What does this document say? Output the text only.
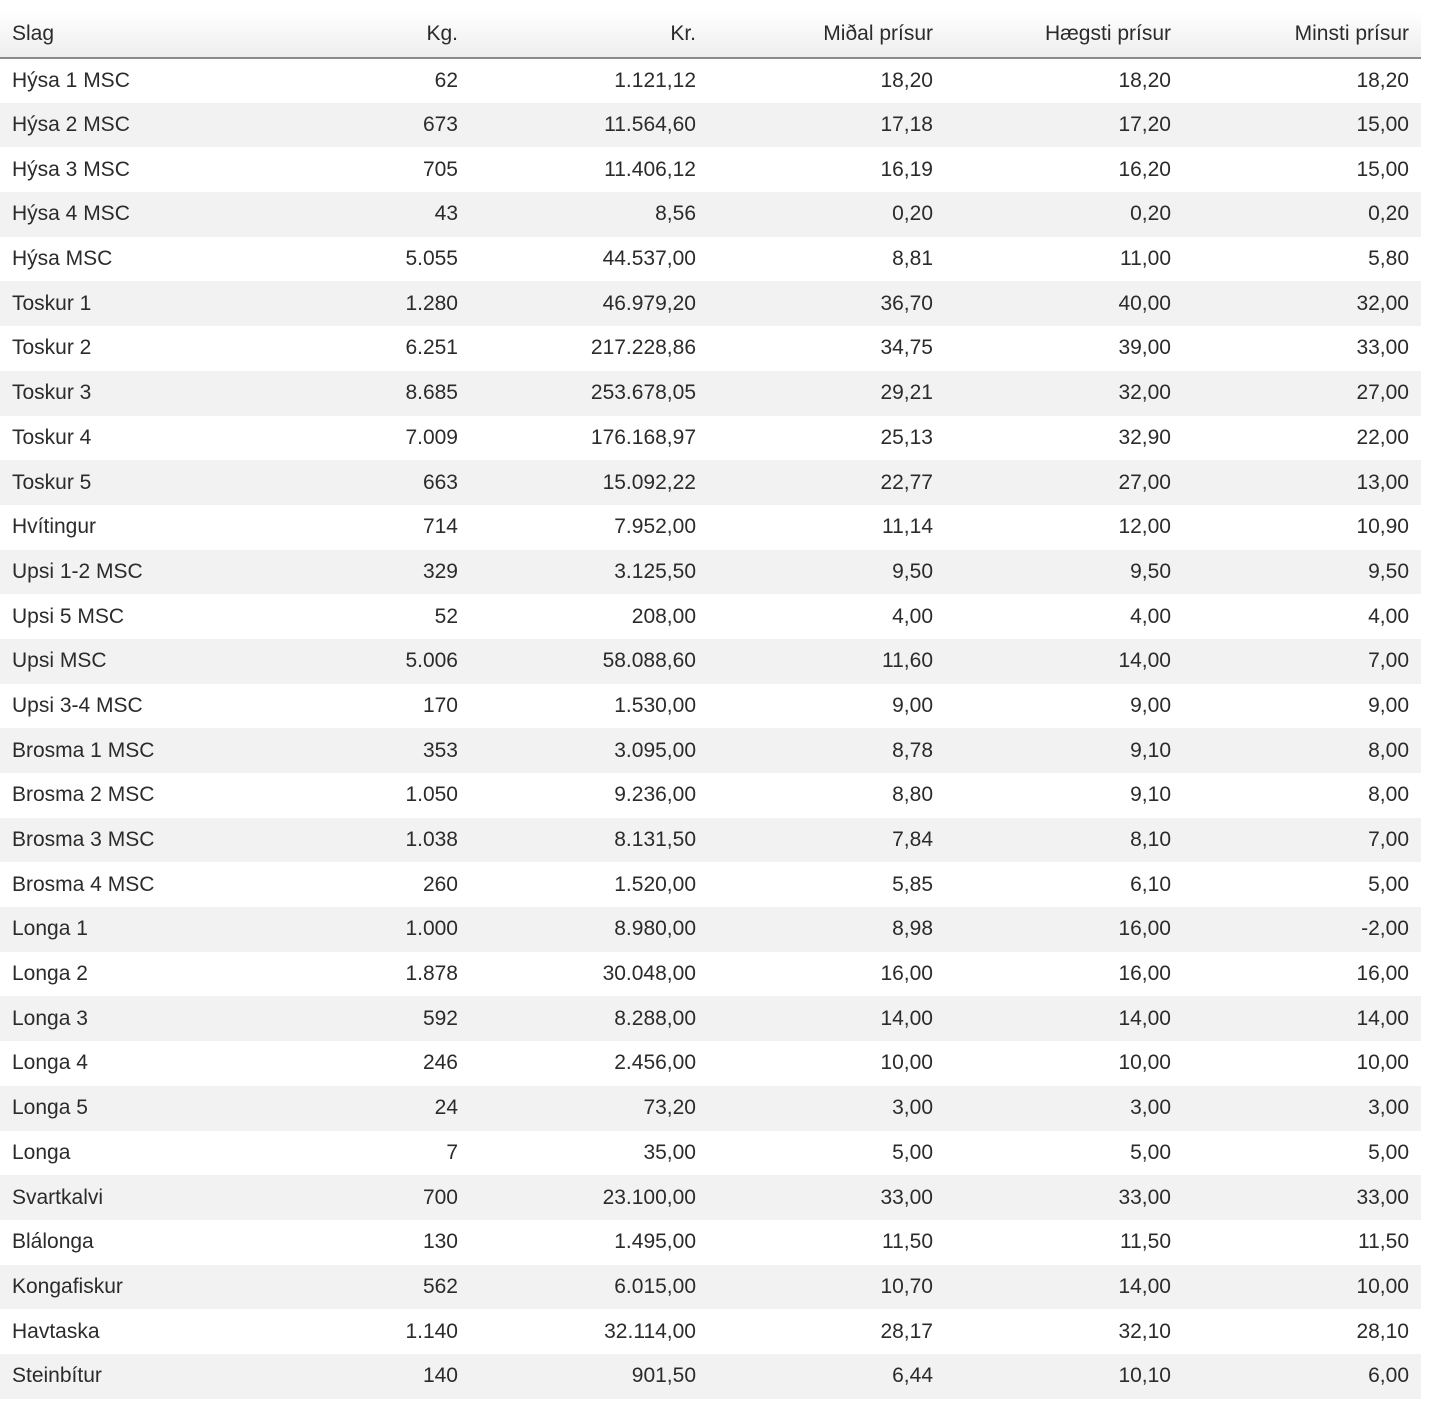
Slag	Kg.	Kr.	Miðal prísur	Hægsti prísur	Minsti prísur
Hýsa 1 MSC	62	1.121,12	18,20	18,20	18,20
Hýsa 2 MSC	673	11.564,60	17,18	17,20	15,00
Hýsa 3 MSC	705	11.406,12	16,19	16,20	15,00
Hýsa 4 MSC	43	8,56	0,20	0,20	0,20
Hýsa MSC	5.055	44.537,00	8,81	11,00	5,80
Toskur 1	1.280	46.979,20	36,70	40,00	32,00
Toskur 2	6.251	217.228,86	34,75	39,00	33,00
Toskur 3	8.685	253.678,05	29,21	32,00	27,00
Toskur 4	7.009	176.168,97	25,13	32,90	22,00
Toskur 5	663	15.092,22	22,77	27,00	13,00
Hvítingur	714	7.952,00	11,14	12,00	10,90
Upsi 1-2 MSC	329	3.125,50	9,50	9,50	9,50
Upsi 5 MSC	52	208,00	4,00	4,00	4,00
Upsi MSC	5.006	58.088,60	11,60	14,00	7,00
Upsi 3-4 MSC	170	1.530,00	9,00	9,00	9,00
Brosma 1 MSC	353	3.095,00	8,78	9,10	8,00
Brosma 2 MSC	1.050	9.236,00	8,80	9,10	8,00
Brosma 3 MSC	1.038	8.131,50	7,84	8,10	7,00
Brosma 4 MSC	260	1.520,00	5,85	6,10	5,00
Longa 1	1.000	8.980,00	8,98	16,00	-2,00
Longa 2	1.878	30.048,00	16,00	16,00	16,00
Longa 3	592	8.288,00	14,00	14,00	14,00
Longa 4	246	2.456,00	10,00	10,00	10,00
Longa 5	24	73,20	3,00	3,00	3,00
Longa	7	35,00	5,00	5,00	5,00
Svartkalvi	700	23.100,00	33,00	33,00	33,00
Blálonga	130	1.495,00	11,50	11,50	11,50
Kongafiskur	562	6.015,00	10,70	14,00	10,00
Havtaska	1.140	32.114,00	28,17	32,10	28,10
Steinbítur	140	901,50	6,44	10,10	6,00
